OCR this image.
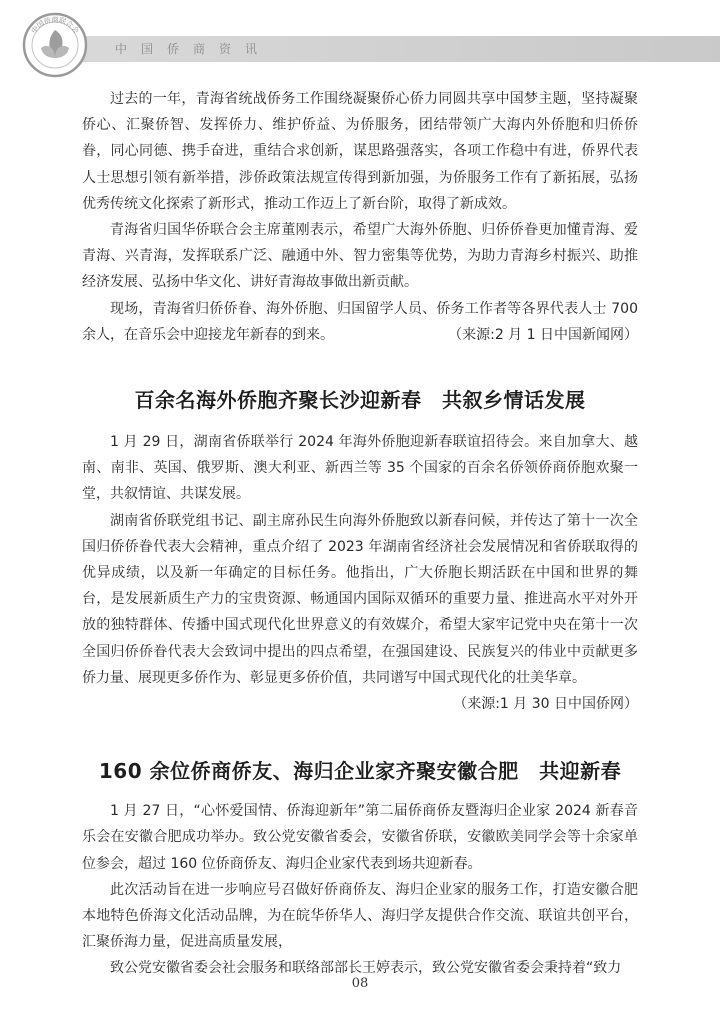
中国侨商资讯
中国侨商联合会

过去的一年，青海省统战侨务工作围绕凝聚侨心侨力同圆共享中国梦主题，坚持凝聚侨心、汇聚侨智、发挥侨力、维护侨益、为侨服务，团结带领广大海内外侨胞和归侨侨眷，同心同德、携手奋进，重结合求创新，谋思路强落实，各项工作稳中有进，侨界代表人士思想引领有新举措，涉侨政策法规宣传得到新加强，为侨服务工作有了新拓展，弘扬优秀传统文化探索了新形式，推动工作迈上了新台阶，取得了新成效。

青海省归国华侨联合会主席董刚表示，希望广大海外侨胞、归侨侨眷更加懂青海、爱青海、兴青海，发挥联系广泛、融通中外、智力密集等优势，为助力青海乡村振兴、助推经济发展、弘扬中华文化、讲好青海故事做出新贡献。

现场，青海省归侨侨眷、海外侨胞、归国留学人员、侨务工作者等各界代表人士 700余人，在音乐会中迎接龙年新春的到来。	（来源:2 月 1 日中国新闻网）

百余名海外侨胞齐聚长沙迎新春　共叙乡情话发展

1 月 29 日，湖南省侨联举行 2024 年海外侨胞迎新春联谊招待会。来自加拿大、越南、南非、英国、俄罗斯、澳大利亚、新西兰等 35 个国家的百余名侨领侨商侨胞欢聚一堂，共叙情谊、共谋发展。

湖南省侨联党组书记、副主席孙民生向海外侨胞致以新春问候，并传达了第十一次全国归侨侨眷代表大会精神，重点介绍了 2023 年湖南省经济社会发展情况和省侨联取得的优异成绩，以及新一年确定的目标任务。他指出，广大侨胞长期活跃在中国和世界的舞台，是发展新质生产力的宝贵资源、畅通国内国际双循环的重要力量、推进高水平对外开放的独特群体、传播中国式现代化世界意义的有效媒介，希望大家牢记党中央在第十一次全国归侨侨眷代表大会致词中提出的四点希望，在强国建设、民族复兴的伟业中贡献更多侨力量、展现更多侨作为、彰显更多侨价值，共同谱写中国式现代化的壮美华章。
（来源:1 月 30 日中国侨网）

160 余位侨商侨友、海归企业家齐聚安徽合肥　共迎新春

1 月 27 日，“心怀爱国情、侨海迎新年”第二届侨商侨友暨海归企业家 2024 新春音乐会在安徽合肥成功举办。致公党安徽省委会，安徽省侨联，安徽欧美同学会等十余家单位参会，超过 160 位侨商侨友、海归企业家代表到场共迎新春。

此次活动旨在进一步响应号召做好侨商侨友、海归企业家的服务工作，打造安徽合肥本地特色侨海文化活动品牌，为在皖华侨华人、海归学友提供合作交流、联谊共创平台，汇聚侨海力量，促进高质量发展，

致公党安徽省委会社会服务和联络部部长王婷表示，致公党安徽省委会秉持着“致力

08
